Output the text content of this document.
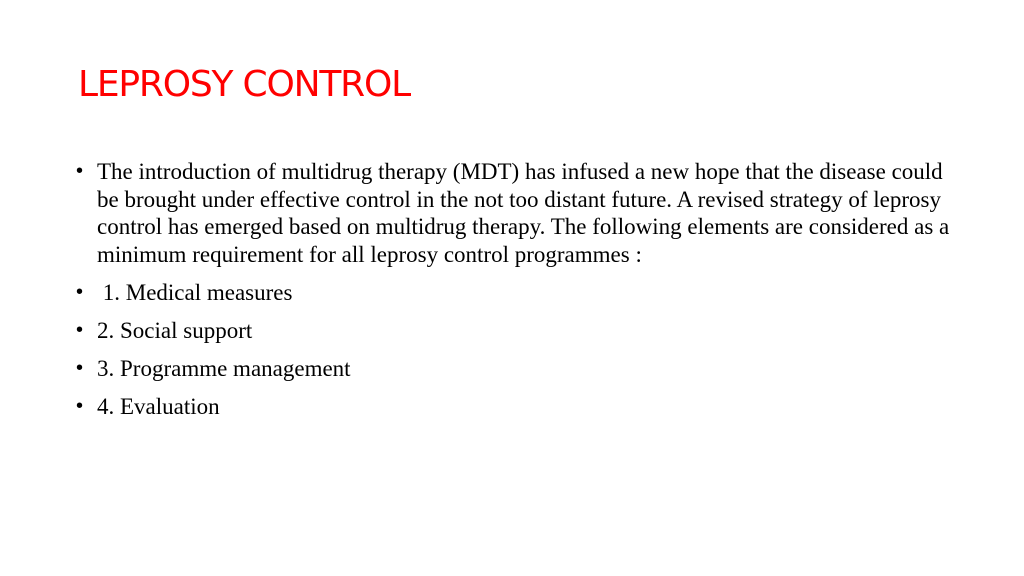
LEPROSY CONTROL
• The introduction of multidrug therapy (MDT) has infused a new hope that the disease could be brought under effective control in the not too distant future. A revised strategy of leprosy control has emerged based on multidrug therapy. The following elements are considered as a minimum requirement for all leprosy control programmes :
• 1. Medical measures
• 2. Social support
• 3. Programme management
• 4. Evaluation
